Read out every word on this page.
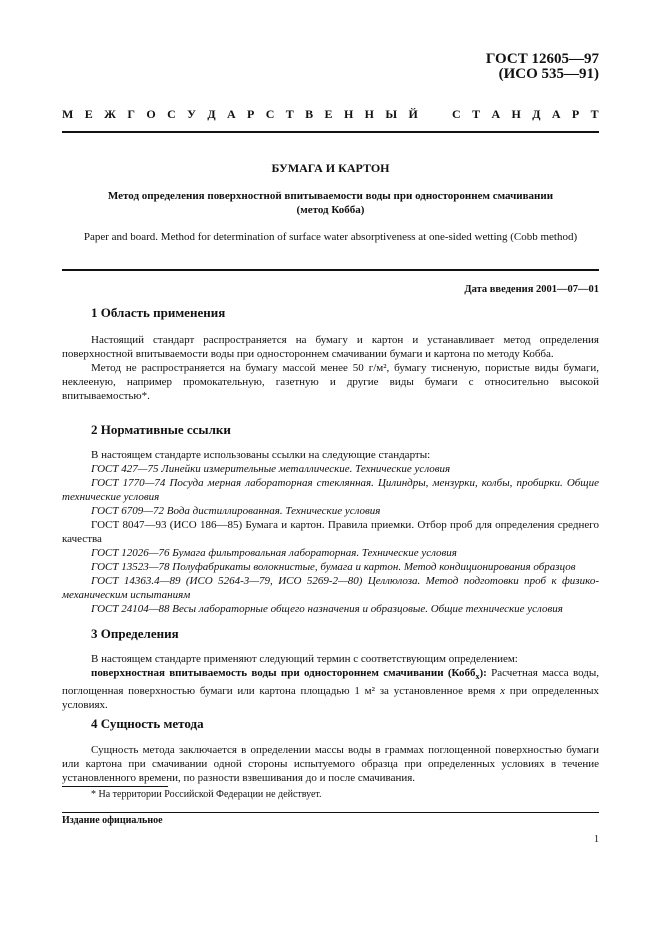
ГОСТ 12605—97
(ИСО 535—91)
М Е Ж Г О С У Д А Р С Т В Е Н Н Ы Й	С Т А Н Д А Р Т
БУМАГА И КАРТОН
Метод определения поверхностной впитываемости воды при одностороннем смачивании
(метод Кобба)
Paper and board. Method for determination of surface water absorptiveness at one-sided wetting (Cobb method)
Дата введения 2001—07—01
1 Область применения

Настоящий стандарт распространяется на бумагу и картон и устанавливает метод определения поверхностной впитываемости воды при одностороннем смачивании бумаги и картона по методу Кобба.

Метод не распространяется на бумагу массой менее 50 г/м², бумагу тисненую, пористые виды бумаги, неклееную, например промокательную, газетную и другие виды бумаги с относительно высокой впитываемостью*.

2 Нормативные ссылки

В настоящем стандарте использованы ссылки на следующие стандарты:

ГОСТ 427—75 Линейки измерительные металлические. Технические условия

ГОСТ 1770—74 Посуда мерная лабораторная стеклянная. Цилиндры, мензурки, колбы, пробирки. Общие технические условия

ГОСТ 6709—72 Вода дистиллированная. Технические условия

ГОСТ 8047—93 (ИСО 186—85) Бумага и картон. Правила приемки. Отбор проб для определения среднего качества

ГОСТ 12026—76 Бумага фильтровальная лабораторная. Технические условия

ГОСТ 13523—78 Полуфабрикаты волокнистые, бумага и картон. Метод кондиционирования образцов

ГОСТ 14363.4—89 (ИСО 5264-3—79, ИСО 5269-2—80) Целлюлоза. Метод подготовки проб к физико-механическим испытаниям

ГОСТ 24104—88 Весы лабораторные общего назначения и образцовые. Общие технические условия

3 Определения

В настоящем стандарте применяют следующий термин с соответствующим определением:

поверхностная впитываемость воды при одностороннем смачивании (Кобб$_x$): Расчетная масса воды, поглощенная поверхностью бумаги или картона площадью 1 м² за установленное время x при определенных условиях.

4 Сущность метода

Сущность метода заключается в определении массы воды в граммах поглощенной поверхностью бумаги или картона при смачивании одной стороны испытуемого образца при определенных условиях в течение установленного времени, по разности взвешивания до и после смачивания.

* На территории Российской Федерации не действует.
Издание официальное
1
